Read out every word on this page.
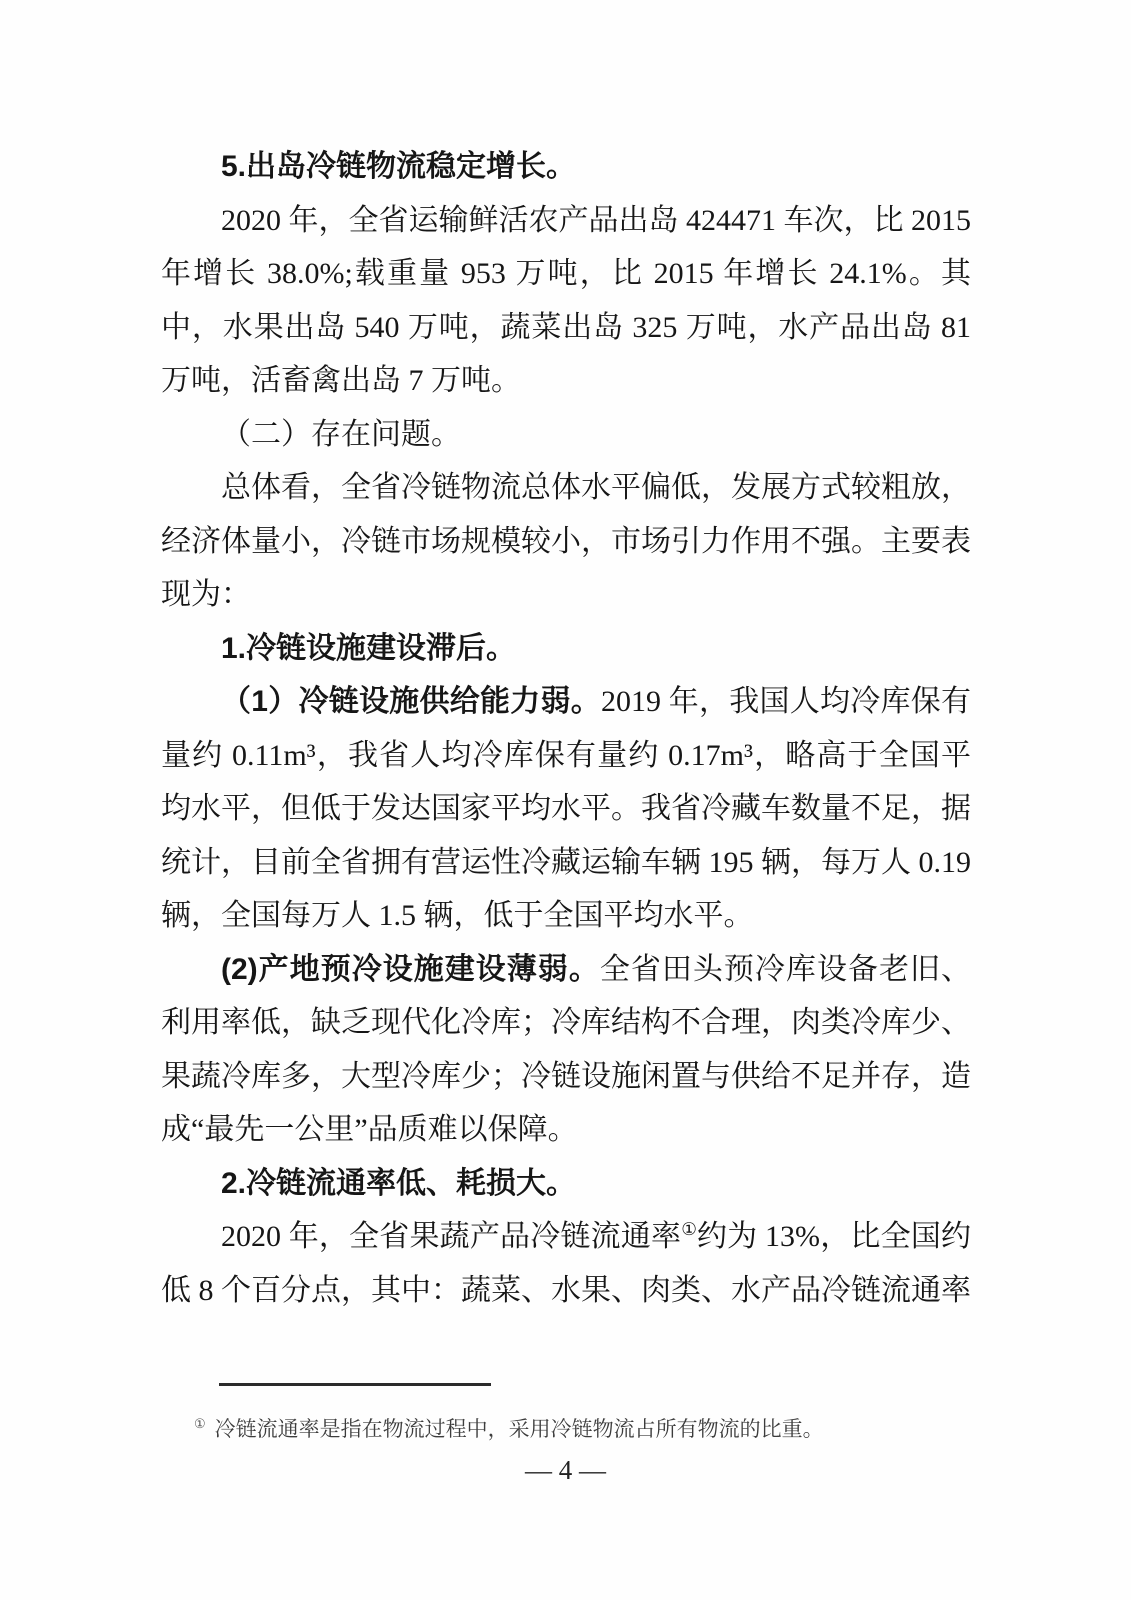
5.出岛冷链物流稳定增长。

2020 年，全省运输鲜活农产品出岛 424471 车次，比 2015 年增长 38.0%;载重量 953 万吨，比 2015 年增长 24.1%。其中，水果出岛 540 万吨，蔬菜出岛 325 万吨，水产品出岛 81 万吨，活畜禽出岛 7 万吨。

（二）存在问题。

总体看，全省冷链物流总体水平偏低，发展方式较粗放，经济体量小，冷链市场规模较小，市场引力作用不强。主要表现为：

1.冷链设施建设滞后。

（1）冷链设施供给能力弱。2019 年，我国人均冷库保有量约 0.11m³，我省人均冷库保有量约 0.17m³，略高于全国平均水平，但低于发达国家平均水平。我省冷藏车数量不足，据统计，目前全省拥有营运性冷藏运输车辆 195 辆，每万人 0.19 辆，全国每万人 1.5 辆，低于全国平均水平。

(2)产地预冷设施建设薄弱。全省田头预冷库设备老旧、利用率低，缺乏现代化冷库；冷库结构不合理，肉类冷库少、果蔬冷库多，大型冷库少；冷链设施闲置与供给不足并存，造成“最先一公里”品质难以保障。

2.冷链流通率低、耗损大。

2020 年，全省果蔬产品冷链流通率①约为 13%，比全国约低 8 个百分点，其中：蔬菜、水果、肉类、水产品冷链流通率

① 冷链流通率是指在物流过程中，采用冷链物流占所有物流的比重。
— 4 —
